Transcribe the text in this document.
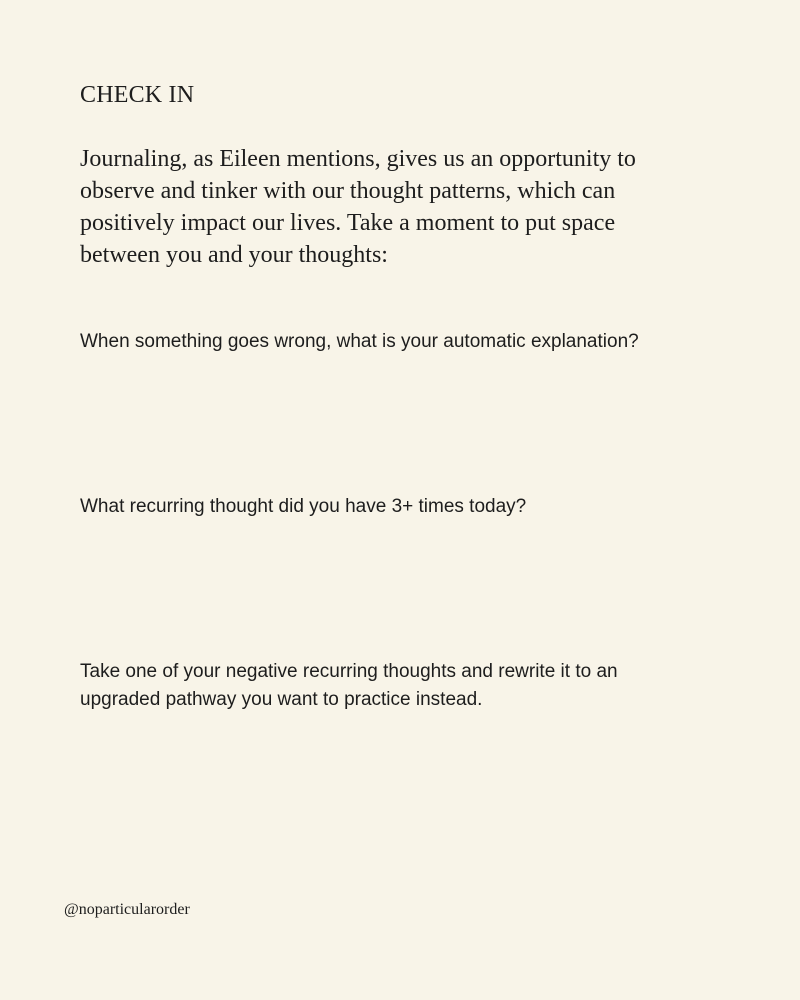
CHECK IN
Journaling, as Eileen mentions, gives us an opportunity to
observe and tinker with our thought patterns, which can
positively impact our lives. Take a moment to put space
between you and your thoughts:
When something goes wrong, what is your automatic explanation?
What recurring thought did you have 3+ times today?
Take one of your negative recurring thoughts and rewrite it to an
upgraded pathway you want to practice instead.
@noparticularorder
